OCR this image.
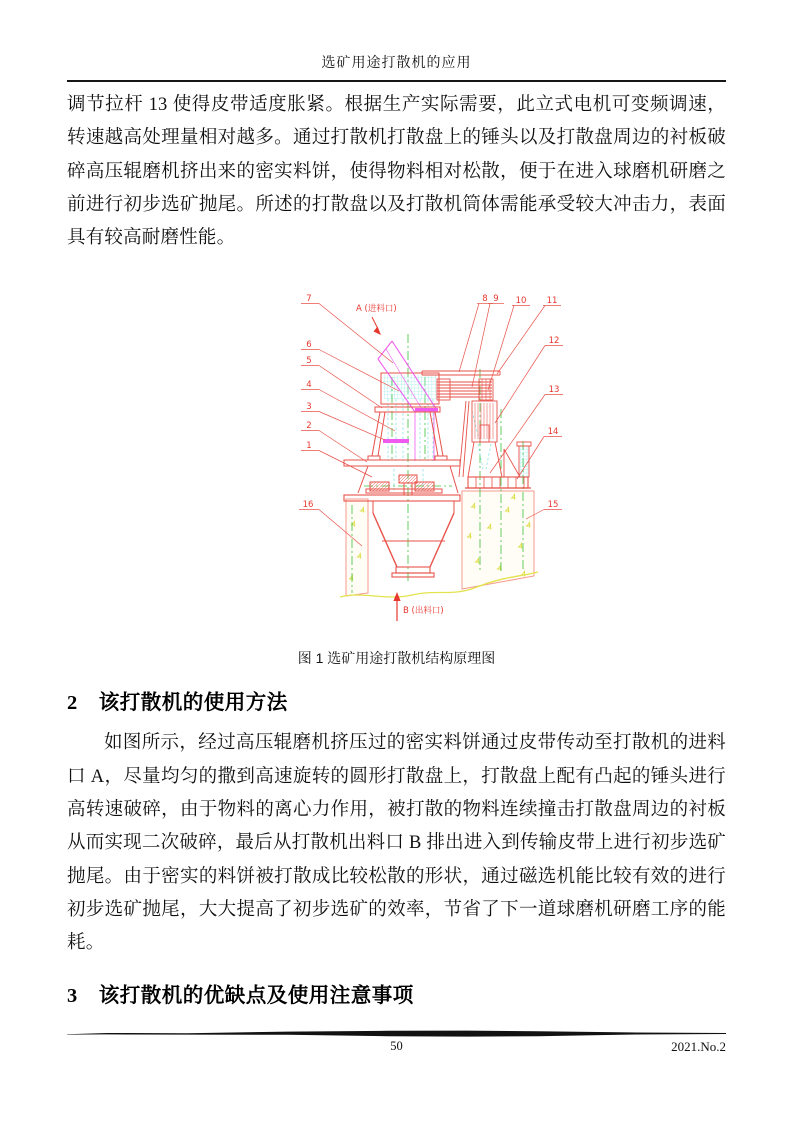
选矿用途打散机的应用

调节拉杆 13 使得皮带适度胀紧。根据生产实际需要，此立式电机可变频调速，转速越高处理量相对越多。通过打散机打散盘上的锤头以及打散盘周边的衬板破碎高压辊磨机挤出来的密实料饼，使得物料相对松散，便于在进入球磨机研磨之前进行初步选矿抛尾。所述的打散盘以及打散机筒体需能承受较大冲击力，表面具有较高耐磨性能。

1
2
3
4
5
6
7	8 9 10 11
12
13
14
15
16
A (进料口)
B (出料口)
图 1 选矿用途打散机结构原理图
2 该打散机的使用方法

如图所示，经过高压辊磨机挤压过的密实料饼通过皮带传动至打散机的进料口 A，尽量均匀的撒到高速旋转的圆形打散盘上，打散盘上配有凸起的锤头进行高转速破碎，由于物料的离心力作用，被打散的物料连续撞击打散盘周边的衬板从而实现二次破碎，最后从打散机出料口 B 排出进入到传输皮带上进行初步选矿抛尾。由于密实的料饼被打散成比较松散的形状，通过磁选机能比较有效的进行初步选矿抛尾，大大提高了初步选矿的效率，节省了下一道球磨机研磨工序的能耗。

3 该打散机的优缺点及使用注意事项
50	2021.No.2
